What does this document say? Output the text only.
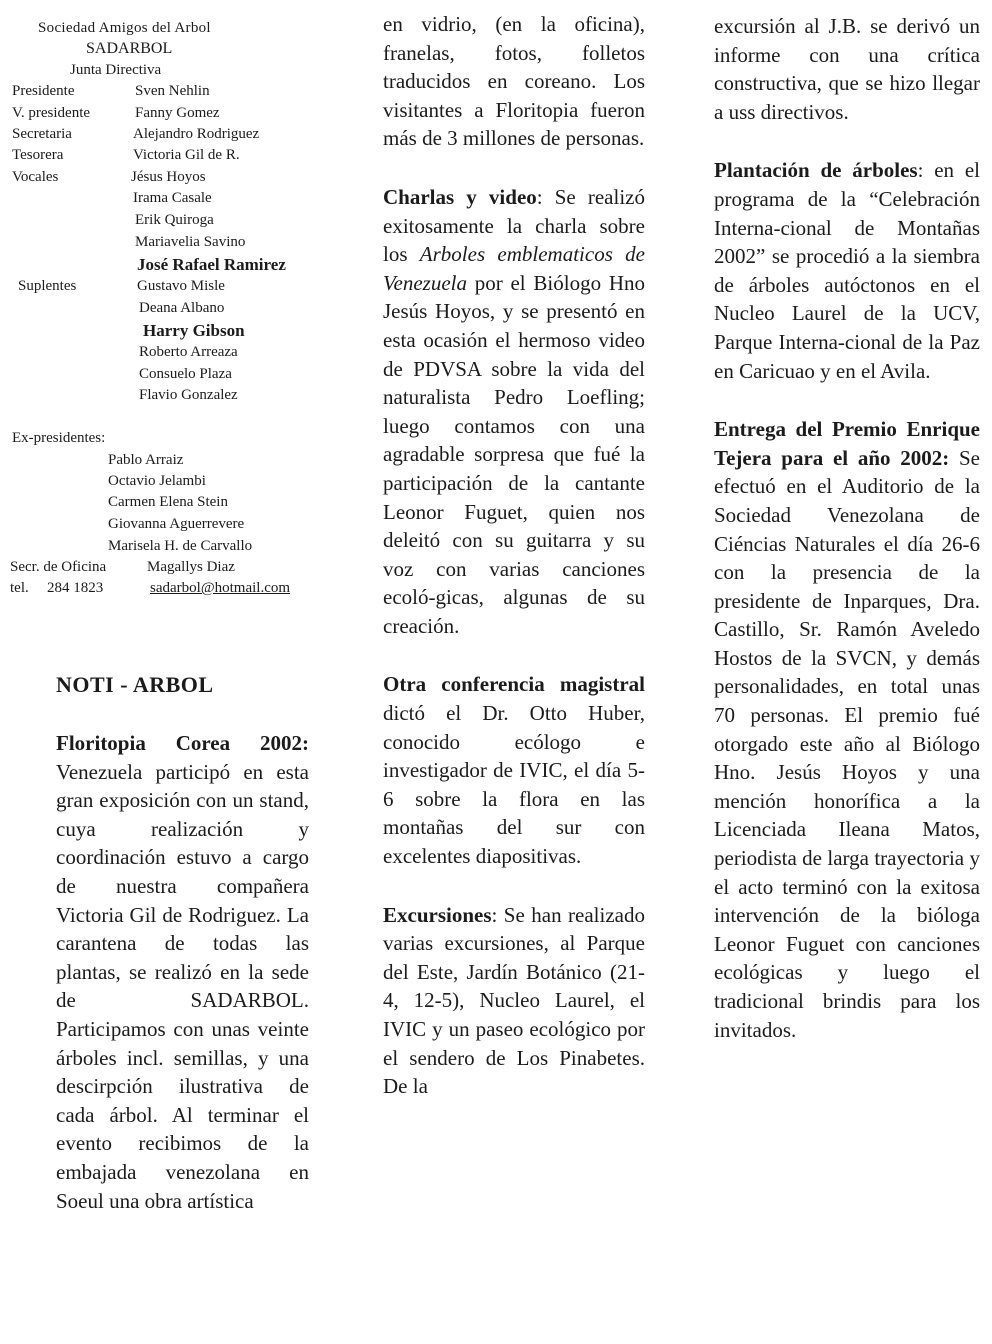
Sociedad Amigos del Arbol
SADARBOL
Junta Directiva
Presidente	Sven Nehlin
V. presidente	Fanny Gomez
Secretaria	Alejandro Rodriguez
Tesorera	Victoria Gil de R.
Vocales	Jésus Hoyos
Irama Casale
Erik Quiroga
Mariavelia Savino
José Rafael Ramirez
Suplentes	Gustavo Misle
Deana Albano
Harry Gibson
Roberto Arreaza
Consuelo Plaza
Flavio Gonzalez
Ex-presidentes:
Pablo Arraiz
Octavio Jelambi
Carmen Elena Stein
Giovanna Aguerrevere
Marisela H. de Carvallo
Secr. de Oficina	Magallys Diaz
tel. 284 1823	sadarbol@hotmail.com
NOTI - ARBOL

Floritopia Corea 2002: Venezuela participó en esta gran exposición con un stand, cuya realización y coordinación estuvo a cargo de nuestra compañera Victoria Gil de Rodriguez. La carantena de todas las plantas, se realizó en la sede de SADARBOL. Participamos con unas veinte árboles incl. semillas, y una descirpción ilustrativa de cada árbol. Al terminar el evento recibimos de la embajada venezolana en Soeul una obra artística

en vidrio, (en la oficina), franelas, fotos, folletos traducidos en coreano. Los visitantes a Floritopia fueron más de 3 millones de personas.

Charlas y video: Se realizó exitosamente la charla sobre los Arboles emblematicos de Venezuela por el Biólogo Hno Jesús Hoyos, y se presentó en esta ocasión el hermoso video de PDVSA sobre la vida del naturalista Pedro Loefling; luego contamos con una agradable sorpresa que fué la participación de la cantante Leonor Fuguet, quien nos deleitó con su guitarra y su voz con varias canciones ecoló-gicas, algunas de su creación.

Otra conferencia magistral dictó el Dr. Otto Huber, conocido ecólogo e investigador de IVIC, el día 5-6 sobre la flora en las montañas del sur con excelentes diapositivas.

Excursiones: Se han realizado varias excursiones, al Parque del Este, Jardín Botánico (21-4, 12-5), Nucleo Laurel, el IVIC y un paseo ecológico por el sendero de Los Pinabetes. De la

excursión al J.B. se derivó un informe con una crítica constructiva, que se hizo llegar a uss directivos.

Plantación de árboles: en el programa de la “Celebración Interna-cional de Montañas 2002” se procedió a la siembra de árboles autóctonos en el Nucleo Laurel de la UCV, Parque Interna-cional de la Paz en Caricuao y en el Avila.

Entrega del Premio Enrique Tejera para el año 2002: Se efectuó en el Auditorio de la Sociedad Venezolana de Ciéncias Naturales el día 26-6 con la presencia de la presidente de Inparques, Dra. Castillo, Sr. Ramón Aveledo Hostos de la SVCN, y demás personalidades, en total unas 70 personas. El premio fué otorgado este año al Biólogo Hno. Jesús Hoyos y una mención honorífica a la Licenciada Ileana Matos, periodista de larga trayectoria y el acto terminó con la exitosa intervención de la bióloga Leonor Fuguet con canciones ecológicas y luego el tradicional brindis para los invitados.
